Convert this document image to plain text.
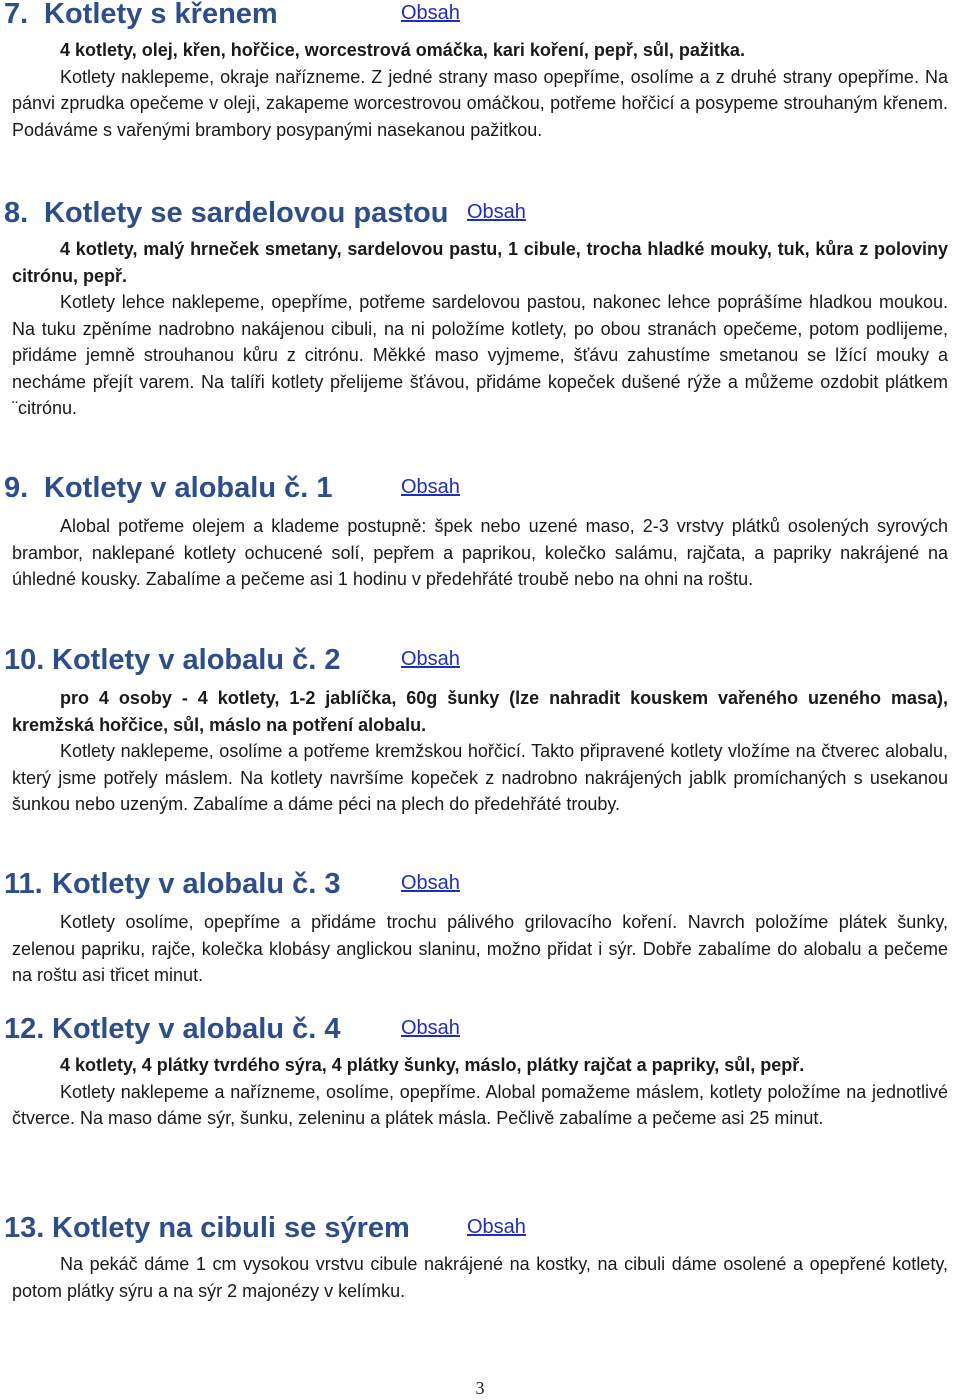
7. Kotlety s křenem	Obsah

4 kotlety, olej, křen, hořčice, worcestrová omáčka, kari koření, pepř, sůl, pažitka.
Kotlety naklepeme, okraje nařízneme. Z jedné strany maso opepříme, osolíme a z druhé strany opepříme. Na pánvi zprudka opečeme v oleji, zakapeme worcestrovou omáčkou, potřeme hořčicí a posypeme strouhaným křenem. Podáváme s vařenými brambory posypanými nasekanou pažitkou.

8. Kotlety se sardelovou pastou Obsah

4 kotlety, malý hrneček smetany, sardelovou pastu, 1 cibule, trocha hladké mouky, tuk, kůra z poloviny citrónu, pepř.
Kotlety lehce naklepeme, opepříme, potřeme sardelovou pastou, nakonec lehce poprášíme hladkou moukou. Na tuku zpěníme nadrobno nakájenou cibuli, na ni položíme kotlety, po obou stranách opečeme, potom podlijeme, přidáme jemně strouhanou kůru z citrónu. Měkké maso vyjmeme, šťávu zahustíme smetanou se lžící mouky a necháme přejít varem. Na talíři kotlety přelijeme šťávou, přidáme kopeček dušené rýže a můžeme ozdobit plátkem ¨citrónu.

9. Kotlety v alobalu č. 1	Obsah

Alobal potřeme olejem a klademe postupně: špek nebo uzené maso, 2-3 vrstvy plátků osolených syrových brambor, naklepané kotlety ochucené solí, pepřem a paprikou, kolečko salámu, rajčata, a papriky nakrájené na úhledné kousky. Zabalíme a pečeme asi 1 hodinu v předehřáté troubě nebo na ohni na roštu.

10. Kotlety v alobalu č. 2	Obsah

pro 4 osoby - 4 kotlety, 1-2 jablíčka, 60g šunky (lze nahradit kouskem vařeného uzeného masa), kremžská hořčice, sůl, máslo na potření alobalu.
Kotlety naklepeme, osolíme a potřeme kremžskou hořčicí. Takto připravené kotlety vložíme na čtverec alobalu, který jsme potřely máslem. Na kotlety navršíme kopeček z nadrobno nakrájených jablk promíchaných s usekanou šunkou nebo uzeným. Zabalíme a dáme péci na plech do předehřáté trouby.

11. Kotlety v alobalu č. 3	Obsah

Kotlety osolíme, opepříme a přidáme trochu pálivého grilovacího koření. Navrch položíme plátek šunky, zelenou papriku, rajče, kolečka klobásy anglickou slaninu, možno přidat i sýr. Dobře zabalíme do alobalu a pečeme na roštu asi třicet minut.

12. Kotlety v alobalu č. 4	Obsah

4 kotlety, 4 plátky tvrdého sýra, 4 plátky šunky, máslo, plátky rajčat a papriky, sůl, pepř.
Kotlety naklepeme a nařízneme, osolíme, opepříme. Alobal pomažeme máslem, kotlety položíme na jednotlivé čtverce. Na maso dáme sýr, šunku, zeleninu a plátek másla. Pečlivě zabalíme a pečeme asi 25 minut.

13. Kotlety na cibuli se sýrem	Obsah

Na pekáč dáme 1 cm vysokou vrstvu cibule nakrájené na kostky, na cibuli dáme osolené a opepřené kotlety, potom plátky sýru a na sýr 2 majonézy v kelímku.

3
